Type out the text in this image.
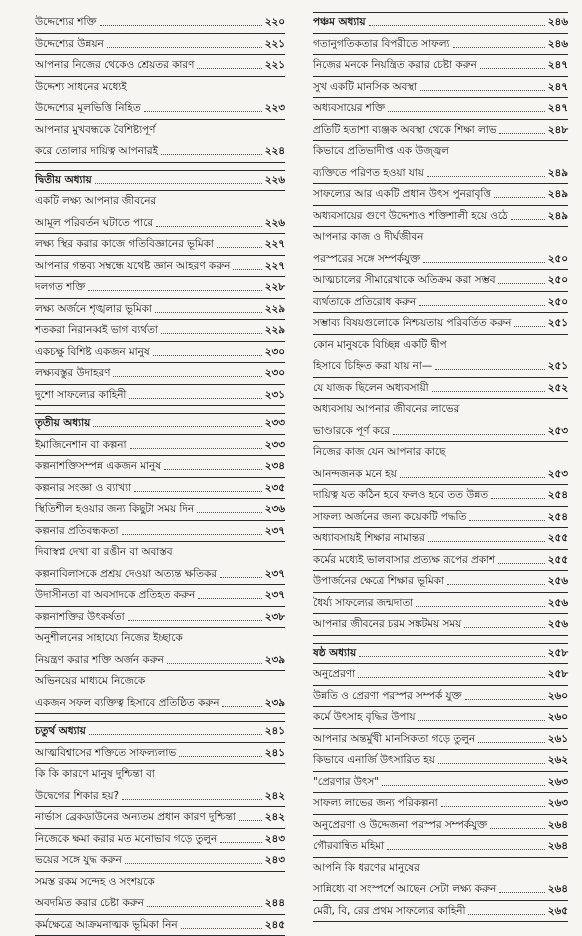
উদ্দেশ্যের শক্তি	২২০
উদ্দেশ্যের উন্নয়ন	২২১
আপনার নিজের থেকেও শ্রেয়তর কারণ	২২১
উদ্দেশ্য সাধনের মধ্যেই
উদ্দেশ্যের মূলভিত্তি নিহিত	২২৩
আপনার মুখবন্ধকে বৈশিষ্ট্যপূর্ণ
করে তোলার দায়িত্ব আপনারই	২২৪
দ্বিতীয় অধ্যায়	২২৬
একটি লক্ষ্য আপনার জীবনের
আমূল পরিবর্তন ঘটাতে পারে	২২৬
লক্ষ্য স্থির করার কাজে গতিবিজ্ঞানের ভূমিকা	২২৭
আপনার গন্তব্য সম্বন্ধে যথেষ্ট জ্ঞান আহরণ করুন	২২৭
দলগত শক্তি	২২৮
লক্ষ্য অর্জনে শৃঙ্খলার ভূমিকা	২২৯
শতকরা নিরানব্বই ভাগ ব্যর্থতা	২২৯
একচক্ষু বিশিষ্ট একজন মানুষ	২৩০
লক্ষ্যবস্তুর উদাহরণ	২৩০
দুশো সাফল্যের কাহিনী	২৩১
তৃতীয় অধ্যায়	২৩৩
ইমাজিনেশান বা কল্পনা	২৩৩
কল্পনাশক্তিসম্পন্ন একজন মানুষ	২৩৪
কল্পনার সংজ্ঞা ও ব্যাখ্যা	২৩৫
স্থিতিশীল হওয়ার জন্য কিছুটা সময় দিন	২৩৬
কল্পনার প্রতিবন্ধকতা	২৩৭
দিবাস্বপ্ন দেখা বা রঙীন বা অবাস্তব
কল্পনাবিলাসকে প্রশ্রয় দেওয়া অত্যন্ত ক্ষতিকর	২৩৭
উদাসীনতা বা অবসাদকে প্রতিহত করুন	২৩৭
কল্পনাশক্তির উৎকর্ষতা	২৩৮
অনুশীলনের সাহায্যে নিজের ইচ্ছাকে
নিয়ন্ত্রণ করার শক্তি অর্জন করুন	২৩৯
অভিনয়ের মাধ্যমে নিজেকে
একজন সফল ব্যক্তিত্ব হিসাবে প্রতিষ্ঠিত করুন	২৩৯
চতুর্থ অধ্যায়	২৪১
আত্মবিশ্বাসের শক্তিতে সাফল্যলাভ	২৪১
কি কি কারণে মানুষ দুশ্চিন্তা বা
উদ্বেগের শিকার হয়?	২৪২
নার্ভাস ব্রেকডাউনের অন্যতম প্রধান কারণ দুশ্চিন্তা	২৪২
নিজেকে ক্ষমা করার মত মনোভাব গড়ে তুলুন	২৪৩
ভয়ের সঙ্গে যুদ্ধ করুন	২৪৩
সমস্ত রকম সন্দেহ ও সংশয়কে
অবদমিত করার চেষ্টা করুন	২৪৪
কর্মক্ষেত্রে আক্রমনাত্মক ভূমিকা নিন	২৪৫
পঞ্চম অধ্যায়	২৪৬
গতানুগতিকতার বিপরীতে সাফল্য	২৪৬
নিজের মনকে নিয়ন্ত্রিত করার চেষ্টা করুন	২৪৭
সুখ একটি মানসিক অবস্থা	২৪৭
অধ্যবসায়ের শক্তি	২৪৭
প্রতিটি হতাশা ব্যঞ্জক অবস্থা থেকে শিক্ষা লাভ	২৪৮
কিভাবে প্রতিভাদীপ্ত এক উজ্জ্বল
ব্যক্তিতে পরিণত হওয়া যায়	২৪৯
সাফল্যের আর একটি প্রধান উৎস পুনরাবৃত্তি	২৪৯
অধ্যবসায়ের গুণে উদ্দেশ্যও শক্তিশালী হয়ে ওঠে	২৪৯
আপনার কাজ ও দীর্ঘজীবন
পরস্পরের সঙ্গে সম্পর্কযুক্ত	২৫০
আত্মচালের সীমারেখাকে অতিক্রম করা সম্ভব	২৫০
ব্যর্থতাকে প্রতিরোধ করুন	২৫০
সম্ভাব্য বিষয়গুলোকে নিশ্চয়তায় পরিবর্তিত করুন	২৫১
কোন মানুষকে বিচ্ছিন্ন একটি দ্বীপ
হিসাবে চিহ্নিত করা যায় না—	২৫১
যে যাজক ছিলেন অধ্যবসায়ী	২৫২
অধ্যবসায় আপনার জীবনের লাভের
ভাণ্ডারকে পূর্ণ করে	২৫৩
নিজের কাজ যেন আপনার কাছে
আনন্দজনক মনে হয়	২৫৩
দায়িত্ব যত কঠিন হবে ফলও হবে তত উন্নত	২৫৪
সাফল্য অর্জনের জন্য কয়েকটি পদ্ধতি	২৫৪
অধ্যাবসায়ই শিক্ষার নামান্তর	২৫৫
কর্মের মধ্যেই ভালবাসার প্রত্যক্ষ রূপের প্রকাশ	২৫৫
উপার্জনের ক্ষেত্রে শিক্ষার ভূমিকা	২৫৬
ধৈর্য্য সাফল্যের জন্মদাতা	২৫৬
আপনার জীবনের চরম সঙ্কটময় সময়	২৫৬
ষষ্ঠ অধ্যায়	২৫৮
অনুপ্রেরণা	২৫৮
উন্নতি ও প্রেরণা পরস্পর সম্পর্ক যুক্ত	২৬০
কর্মে উৎসাহ বৃদ্ধির উপায়	২৬০
আপনার অন্তর্মুখী মানসিকতা গড়ে তুলুন	২৬১
কিভাবে এনার্জি উৎসারিত হয়	২৬২
"প্রেরণার উৎস"	২৬৩
সাফল্য লাভের জন্য পরিকল্পনা	২৬৩
অনুপ্রেরণা ও উদ্দেজনা পরস্পর সম্পর্কযুক্ত	২৬৪
গৌরবান্বিত মহিমা	২৬৪
আপনি কি ধরণের মানুষের
সান্নিধ্যে বা সংস্পর্শে আছেন সেটা লক্ষ্য করুন	২৬৪
মেরী, বি, রের প্রথম সাফল্যের কাহিনী	২৬৫
